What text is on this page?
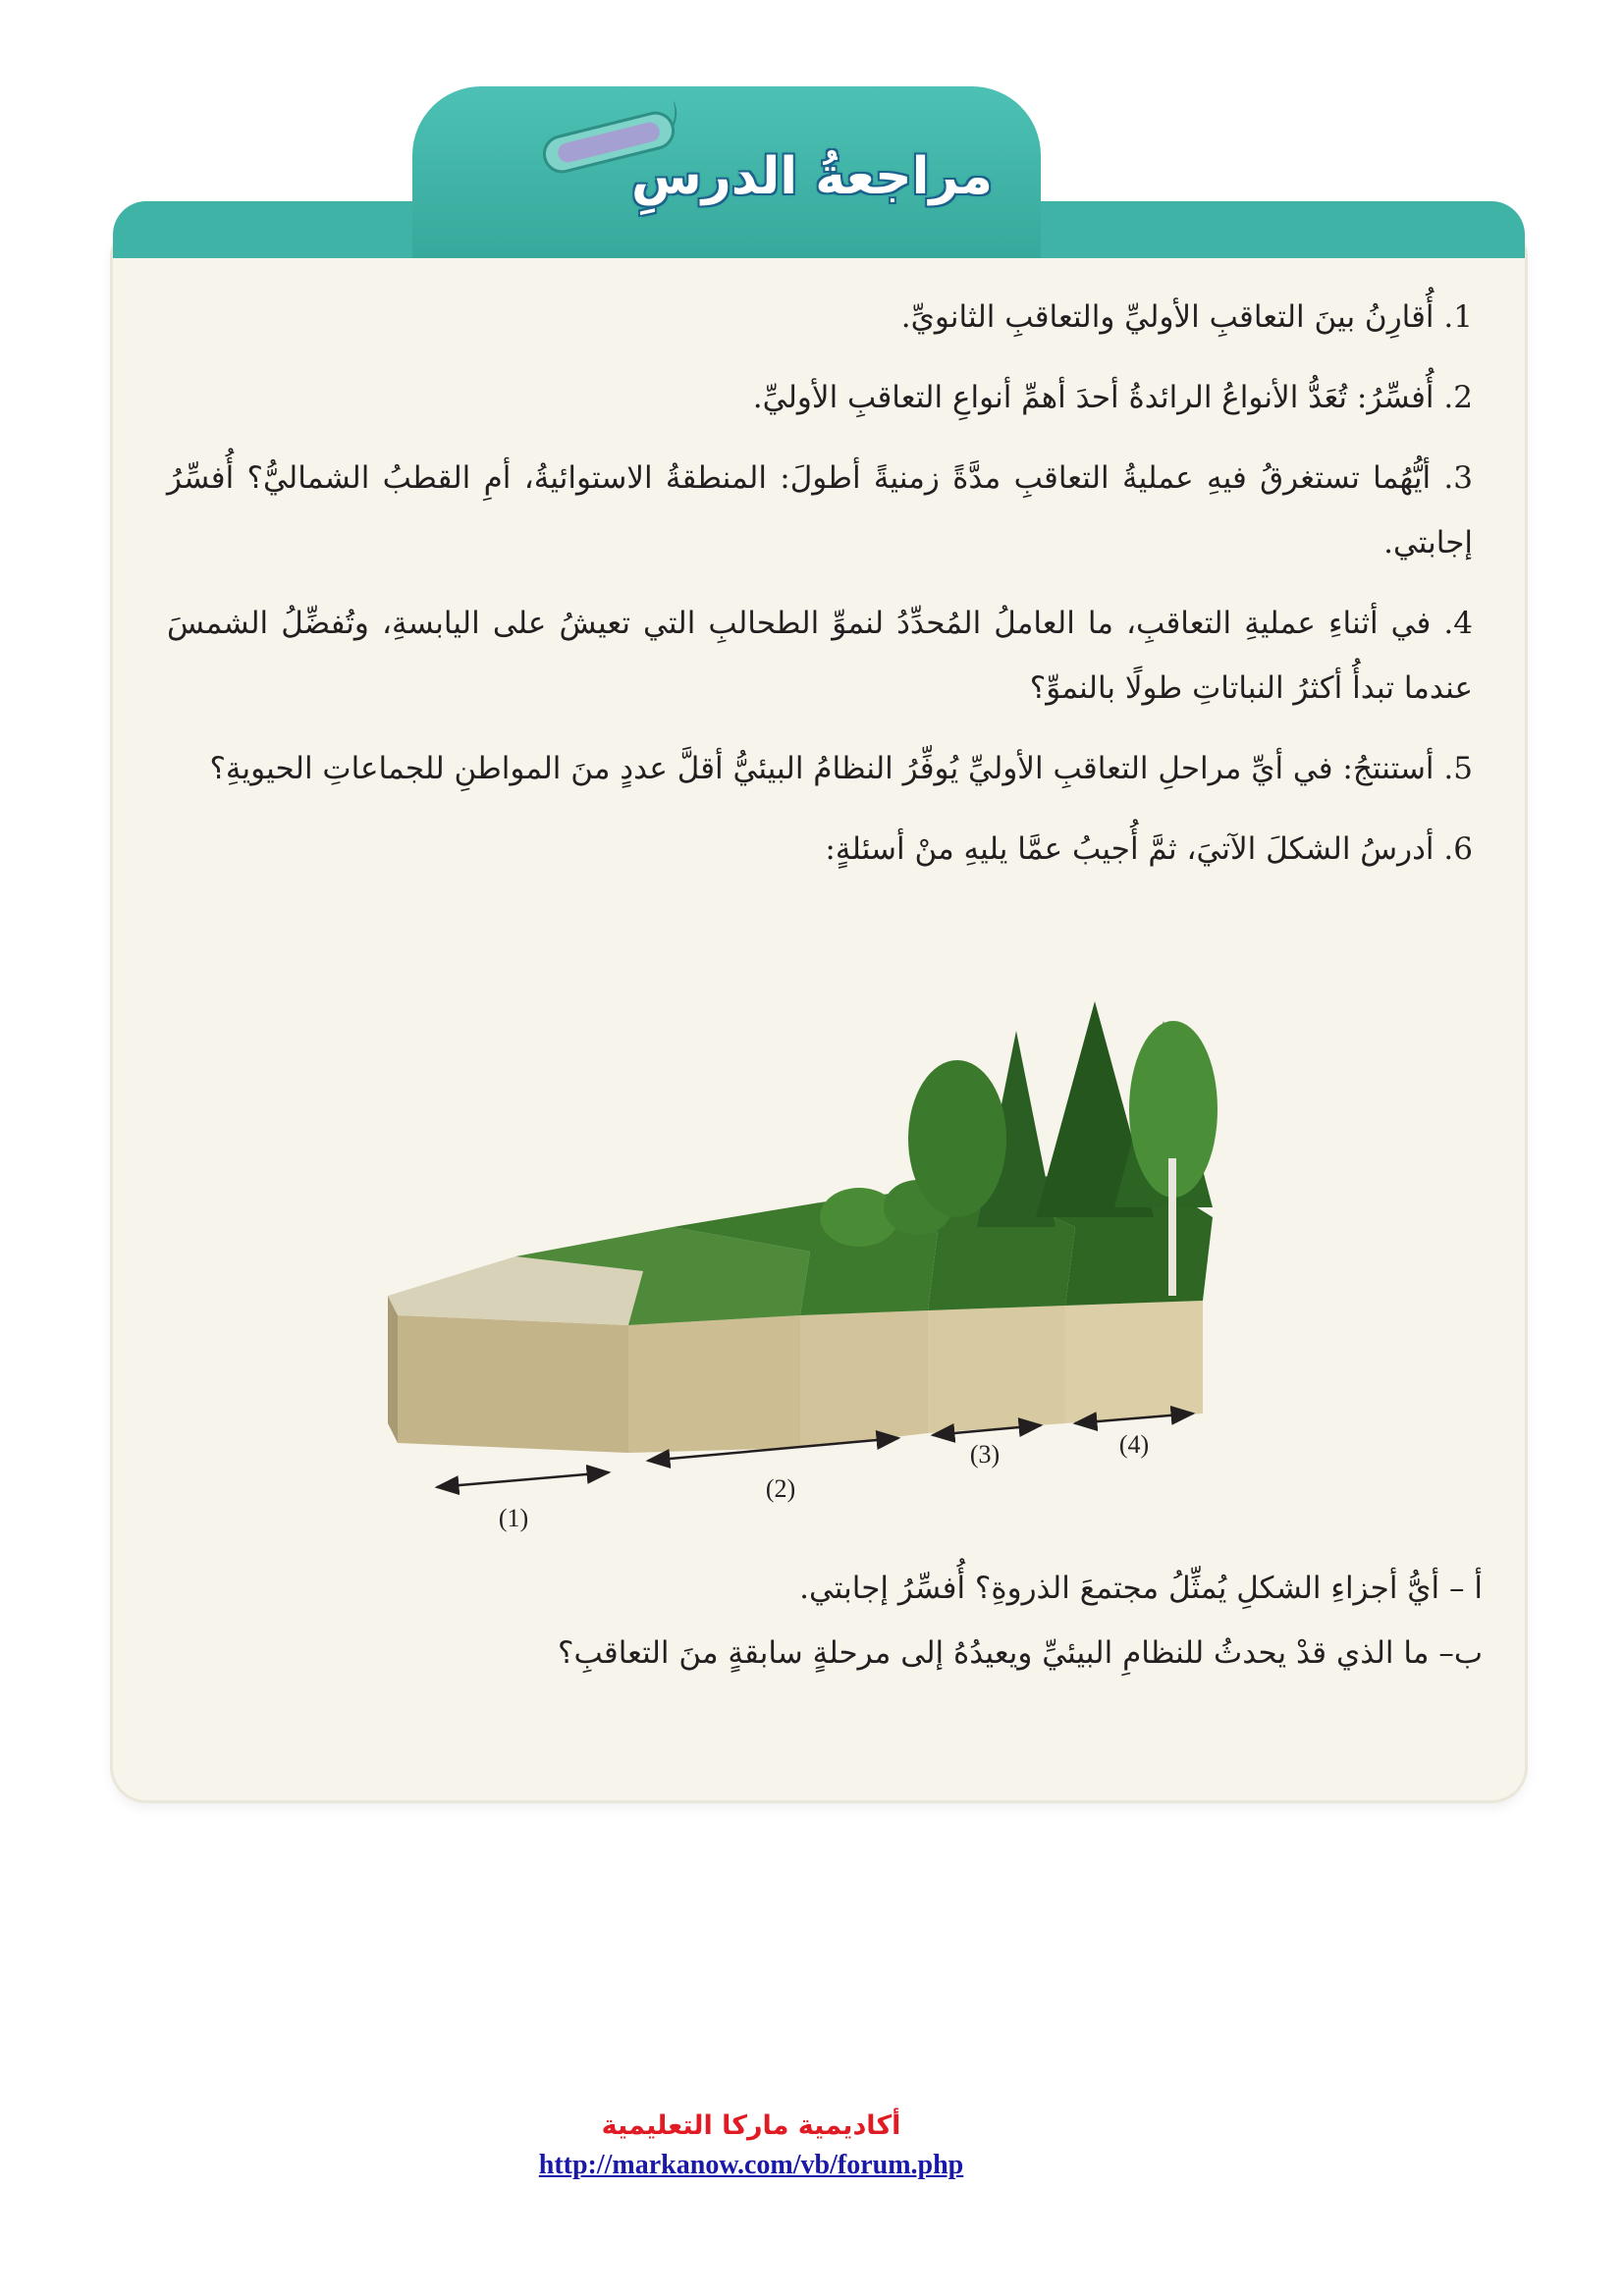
مراجعةُ الدرسِ
1. أُقارِنُ بينَ التعاقبِ الأوليِّ والتعاقبِ الثانويِّ.
2. أُفسِّرُ: تُعَدُّ الأنواعُ الرائدةُ أحدَ أهمِّ أنواعِ التعاقبِ الأوليِّ.
3. أيُّهُما تستغرقُ فيهِ عمليةُ التعاقبِ مدَّةً زمنيةً أطولَ: المنطقةُ الاستوائيةُ، أمِ القطبُ الشماليُّ؟ أُفسِّرُ إجابتي.
4. في أثناءِ عمليةِ التعاقبِ، ما العاملُ المُحدِّدُ لنموِّ الطحالبِ التي تعيشُ على اليابسةِ، وتُفضِّلُ الشمسَ عندما تبدأُ أكثرُ النباتاتِ طولًا بالنموِّ؟
5. أستنتجُ: في أيِّ مراحلِ التعاقبِ الأوليِّ يُوفِّرُ النظامُ البيئيُّ أقلَّ عددٍ منَ المواطنِ للجماعاتِ الحيويةِ؟
6. أدرسُ الشكلَ الآتيَ، ثمَّ أُجيبُ عمَّا يليهِ منْ أسئلةٍ:
(1)
(2)
(3)	(4)

أ – أيُّ أجزاءِ الشكلِ يُمثِّلُ مجتمعَ الذروةِ؟ أُفسِّرُ إجابتي.

ب– ما الذي قدْ يحدثُ للنظامِ البيئيِّ ويعيدُهُ إلى مرحلةٍ سابقةٍ منَ التعاقبِ؟

أكاديمية ماركا التعليمية
http://markanow.com/vb/forum.php
